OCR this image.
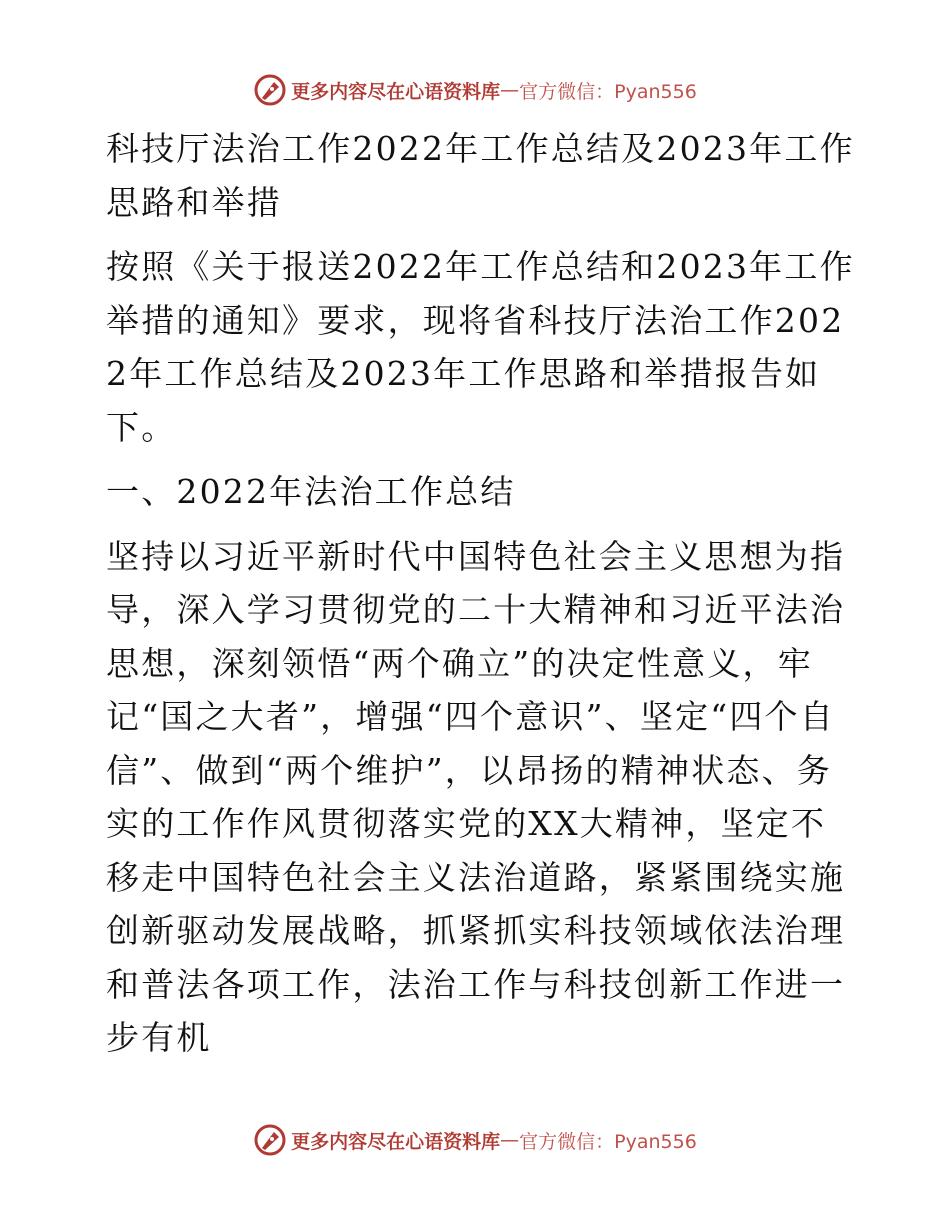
更多内容尽在心语资料库 — 官方微信：Pyan556

科技厅法治工作2022年工作总结及2023年工作思路和举措

按照《关于报送2022年工作总结和2023年工作举措的通知》要求，现将省科技厅法治工作2022年工作总结及2023年工作思路和举措报告如下。

一、2022年法治工作总结

坚持以习近平新时代中国特色社会主义思想为指导，深入学习贯彻党的二十大精神和习近平法治思想，深刻领悟“两个确立”的决定性意义，牢记“国之大者”，增强“四个意识”、坚定“四个自信”、做到“两个维护”，以昂扬的精神状态、务实的工作作风贯彻落实党的XX大精神，坚定不移走中国特色社会主义法治道路，紧紧围绕实施创新驱动发展战略，抓紧抓实科技领域依法治理和普法各项工作，法治工作与科技创新工作进一步有机

更多内容尽在心语资料库 — 官方微信：Pyan556
